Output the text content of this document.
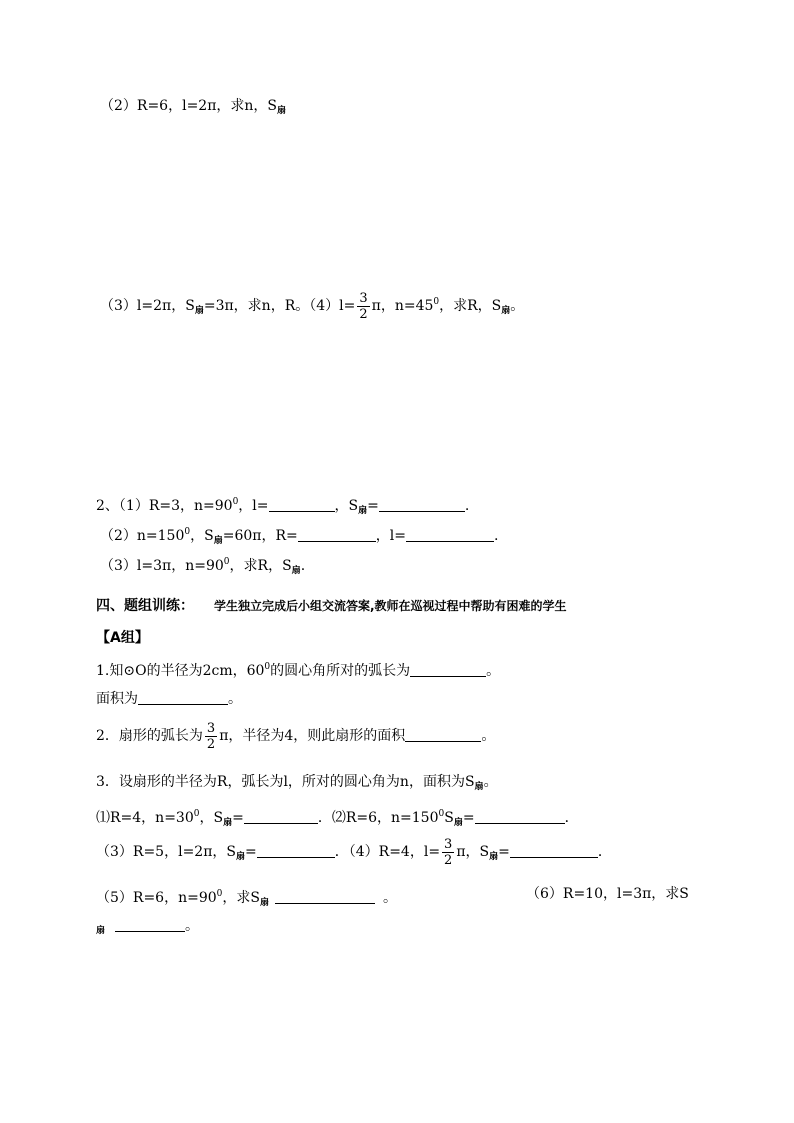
（2）R=6，l=2π，求n，$S_扇$
（3）l=2π，$S_扇=3\pi$，求n，R。$(4)l= \frac{3}{2}$ π，$n=45^0$，求R，$S_扇$。
2、（1）R=3，$n=90^0$，l=	，$S_扇=$	.
$(2)n=150^0$，$S_扇=60\pi$，R=	，l=	.
（3）l=3π，$n=90^0$，求R，$S_扇$.
四、题组训练： 学生独立完成后小组交流答案,教师在巡视过程中帮助有困难的学生
【A组】
1.知⊙O的半径为2cm，$60^0$的圆心角所对的弧长为	。
面积为	。
2．扇形的弧长为 $\frac{3}{2}$ π，半径为4，则此扇形的面积	。
3．设扇形的半径为R，弧长为l，所对的圆心角为n，面积为$S_扇$。
⑴R=4，$n=30^0$，$S_扇=$	．⑵R=6，$n=150^0S_扇=$	．
（3）R=5，l=2π，$S_扇=$	．（4）R=4，$l= \frac{3}{2}$ π，$S_扇=$	．
（5）R=6，$n=90^0$，求$S_扇$	。	（6）R=10，l=3π，求S
$_扇$	。
